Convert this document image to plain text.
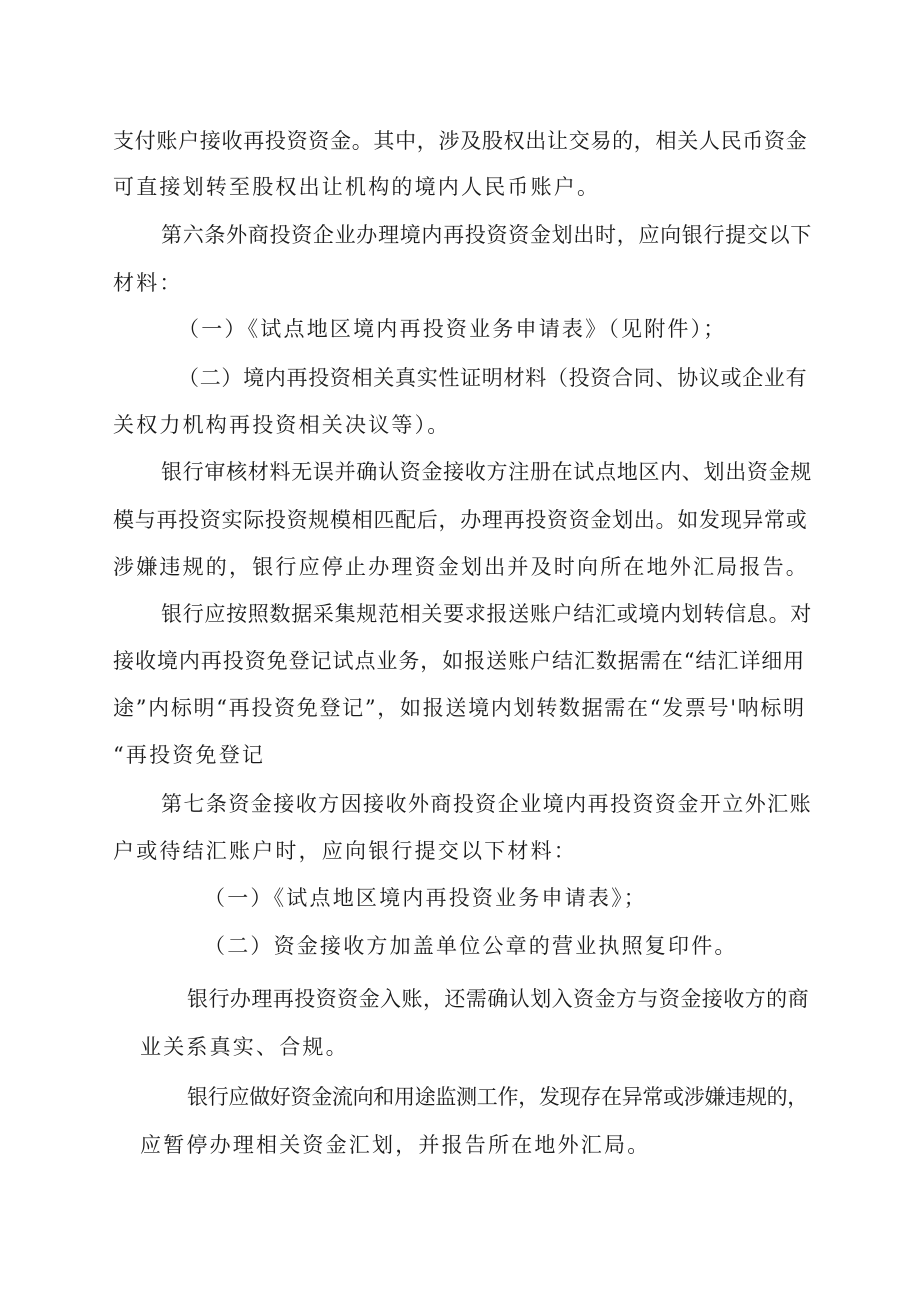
支付账户接收再投资资金。其中，涉及股权出让交易的，相关人民币资金
可直接划转至股权出让机构的境内人民币账户。
第六条外商投资企业办理境内再投资资金划出时，应向银行提交以下
材料：
（一）《试点地区境内再投资业务申请表》（见附件）；
（二）境内再投资相关真实性证明材料（投资合同、协议或企业有
关权力机构再投资相关决议等）。
银行审核材料无误并确认资金接收方注册在试点地区内、划出资金规
模与再投资实际投资规模相匹配后，办理再投资资金划出。如发现异常或
涉嫌违规的，银行应停止办理资金划出并及时向所在地外汇局报告。
银行应按照数据采集规范相关要求报送账户结汇或境内划转信息。对
接收境内再投资免登记试点业务，如报送账户结汇数据需在“结汇详细用
途”内标明“再投资免登记”，如报送境内划转数据需在“发票号'呐标明
“再投资免登记
第七条资金接收方因接收外商投资企业境内再投资资金开立外汇账
户或待结汇账户时，应向银行提交以下材料：
（一）《试点地区境内再投资业务申请表》；
（二）资金接收方加盖单位公章的营业执照复印件。
银行办理再投资资金入账，还需确认划入资金方与资金接收方的商
业关系真实、合规。
银行应做好资金流向和用途监测工作，发现存在异常或涉嫌违规的，
应暂停办理相关资金汇划，并报告所在地外汇局。
